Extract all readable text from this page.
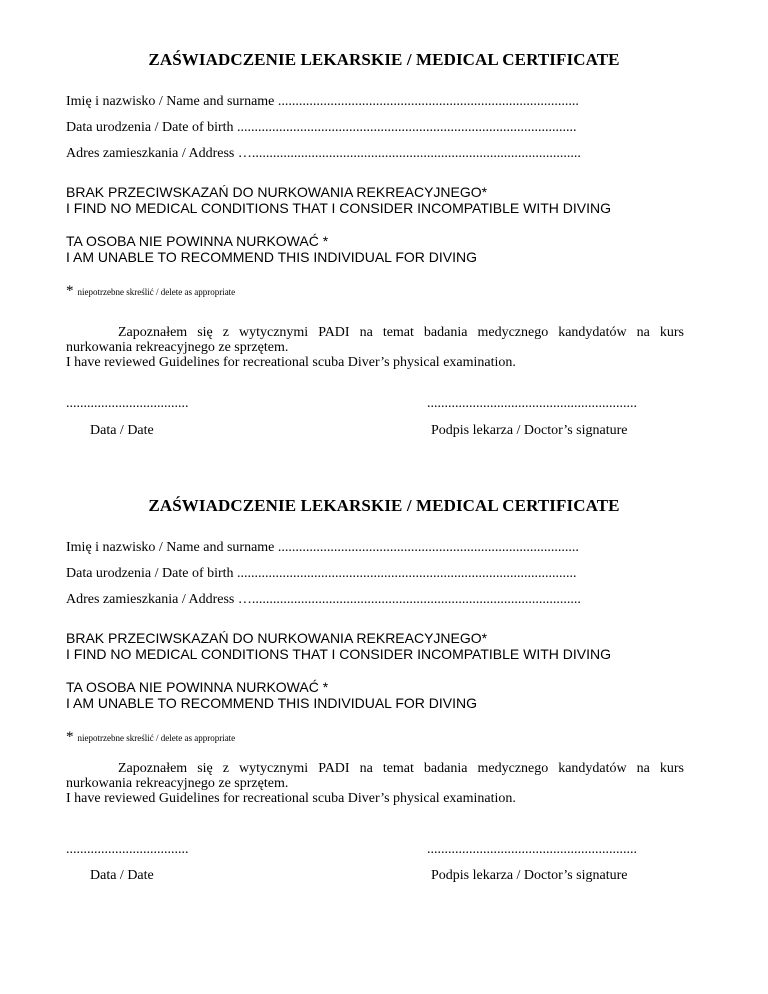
ZAŚWIADCZENIE LEKARSKIE / MEDICAL CERTIFICATE
Imię i nazwisko / Name and surname ......................................................................................
Data urodzenia / Date of birth .................................................................................................
Adres zamieszkania / Address …..............................................................................................
BRAK PRZECIWSKAZAŃ DO NURKOWANIA REKREACYJNEGO*
I FIND NO MEDICAL CONDITIONS THAT I CONSIDER INCOMPATIBLE WITH DIVING
TA OSOBA NIE POWINNA NURKOWAĆ *
I AM UNABLE TO RECOMMEND THIS INDIVIDUAL FOR DIVING
* niepotrzebne skreślić / delete as appropriate
Zapoznałem się z wytycznymi PADI na temat badania medycznego kandydatów na kurs
nurkowania rekreacyjnego ze sprzętem.
I have reviewed Guidelines for recreational scuba Diver’s physical examination.
...................................	............................................................
Data / Date	Podpis lekarza / Doctor’s signature
ZAŚWIADCZENIE LEKARSKIE / MEDICAL CERTIFICATE
Imię i nazwisko / Name and surname ......................................................................................
Data urodzenia / Date of birth .................................................................................................
Adres zamieszkania / Address …..............................................................................................
BRAK PRZECIWSKAZAŃ DO NURKOWANIA REKREACYJNEGO*
I FIND NO MEDICAL CONDITIONS THAT I CONSIDER INCOMPATIBLE WITH DIVING
TA OSOBA NIE POWINNA NURKOWAĆ *
I AM UNABLE TO RECOMMEND THIS INDIVIDUAL FOR DIVING
* niepotrzebne skreślić / delete as appropriate
Zapoznałem się z wytycznymi PADI na temat badania medycznego kandydatów na kurs
nurkowania rekreacyjnego ze sprzętem.
I have reviewed Guidelines for recreational scuba Diver’s physical examination.
...................................	............................................................
Data / Date	Podpis lekarza / Doctor’s signature
